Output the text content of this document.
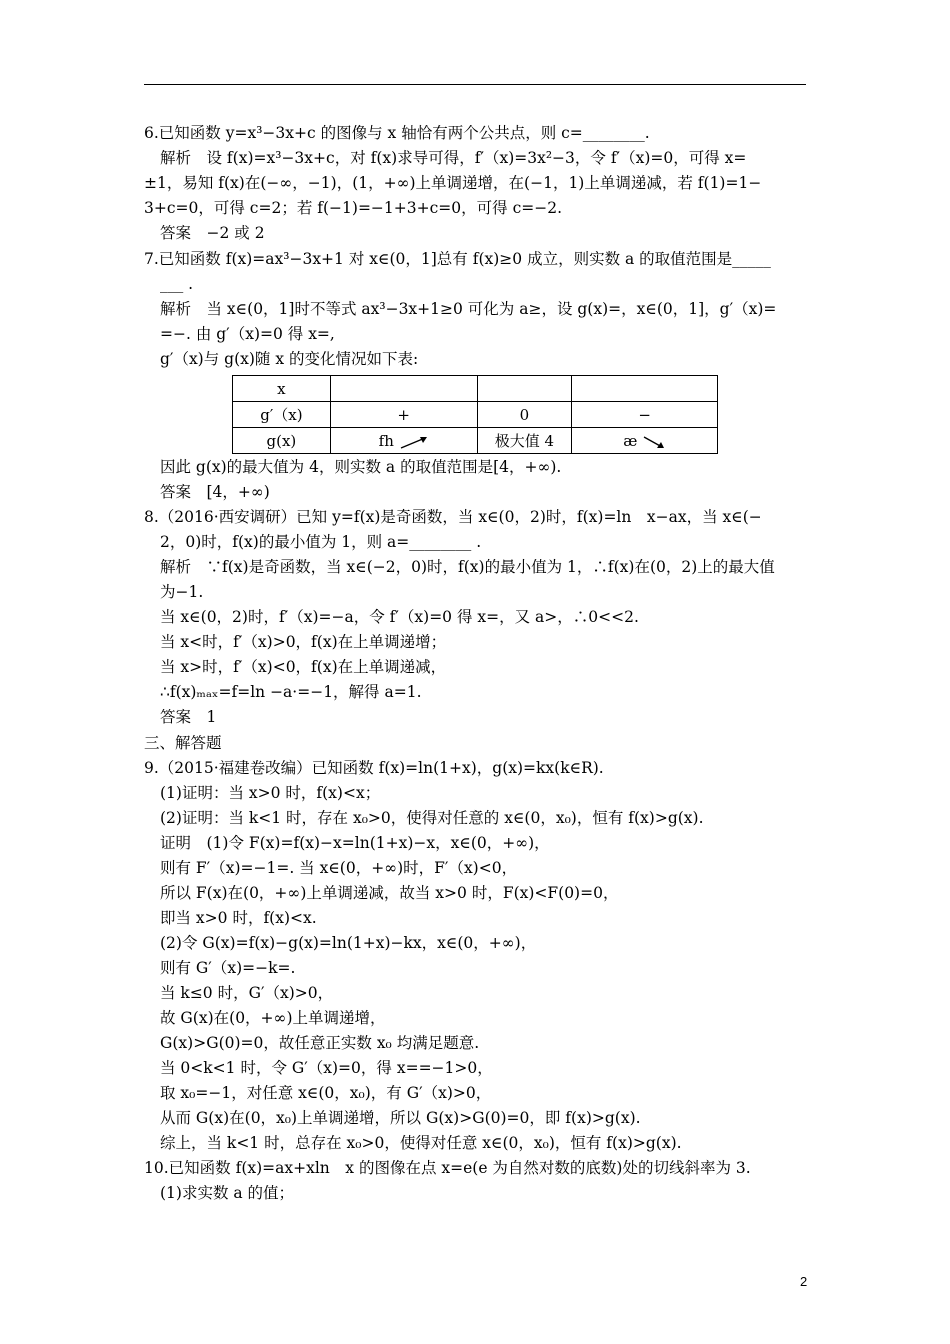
6.已知函数 y=x³−3x+c 的图像与 x 轴恰有两个公共点，则 c=________.
解析　设 f(x)=x³−3x+c，对 f(x)求导可得，f′（x)=3x²−3，令 f′（x)=0，可得 x=
±1，易知 f(x)在(−∞，−1)，(1，+∞)上单调递增，在(−1，1)上单调递减，若 f(1)=1−
3+c=0，可得 c=2；若 f(−1)=−1+3+c=0，可得 c=−2.
答案　−2 或 2
7.已知函数 f(x)=ax³−3x+1 对 x∈(0，1]总有 f(x)≥0 成立，则实数 a 的取值范围是_____
___ .
解析　当 x∈(0，1]时不等式 ax³−3x+1≥0 可化为 a≥，设 g(x)=，x∈(0，1]，g′（x)=
=−. 由 g′（x)=0 得 x=,
g′（x)与 g(x)随 x 的变化情况如下表:
x			
g′（x)	+	0	−
g(x)	fh	极大值 4	æ
因此 g(x)的最大值为 4，则实数 a 的取值范围是[4，+∞).
答案　[4，+∞)
8.（2016·西安调研）已知 y=f(x)是奇函数，当 x∈(0，2)时，f(x)=ln　x−ax，当 x∈(−
2，0)时，f(x)的最小值为 1，则 a=________ .
解析　∵f(x)是奇函数，当 x∈(−2，0)时，f(x)的最小值为 1，∴f(x)在(0，2)上的最大值
为−1.
当 x∈(0，2)时，f′（x)=−a，令 f′（x)=0 得 x=，又 a>，∴0<<2.
当 x<时，f′（x)>0，f(x)在上单调递增；
当 x>时，f′（x)<0，f(x)在上单调递减，
∴f(x)ₘₐₓ=f=ln −a·=−1，解得 a=1.
答案　1
三、解答题
9.（2015·福建卷改编）已知函数 f(x)=ln(1+x)，g(x)=kx(k∈R).
(1)证明：当 x>0 时，f(x)<x；
(2)证明：当 k<1 时，存在 x₀>0，使得对任意的 x∈(0，x₀)，恒有 f(x)>g(x).
证明　(1)令 F(x)=f(x)−x=ln(1+x)−x，x∈(0，+∞)，
则有 F′（x)=−1=. 当 x∈(0，+∞)时，F′（x)<0，
所以 F(x)在(0，+∞)上单调递减，故当 x>0 时，F(x)<F(0)=0，
即当 x>0 时，f(x)<x.
(2)令 G(x)=f(x)−g(x)=ln(1+x)−kx，x∈(0，+∞)，
则有 G′（x)=−k=.
当 k≤0 时，G′（x)>0，
故 G(x)在(0，+∞)上单调递增，
G(x)>G(0)=0，故任意正实数 x₀ 均满足题意.
当 0<k<1 时，令 G′（x)=0，得 x==−1>0，
取 x₀=−1，对任意 x∈(0，x₀)，有 G′（x)>0，
从而 G(x)在(0，x₀)上单调递增，所以 G(x)>G(0)=0，即 f(x)>g(x).
综上，当 k<1 时，总存在 x₀>0，使得对任意 x∈(0，x₀)，恒有 f(x)>g(x).
10.已知函数 f(x)=ax+xln　x 的图像在点 x=e(e 为自然对数的底数)处的切线斜率为 3.
(1)求实数 a 的值；
2
